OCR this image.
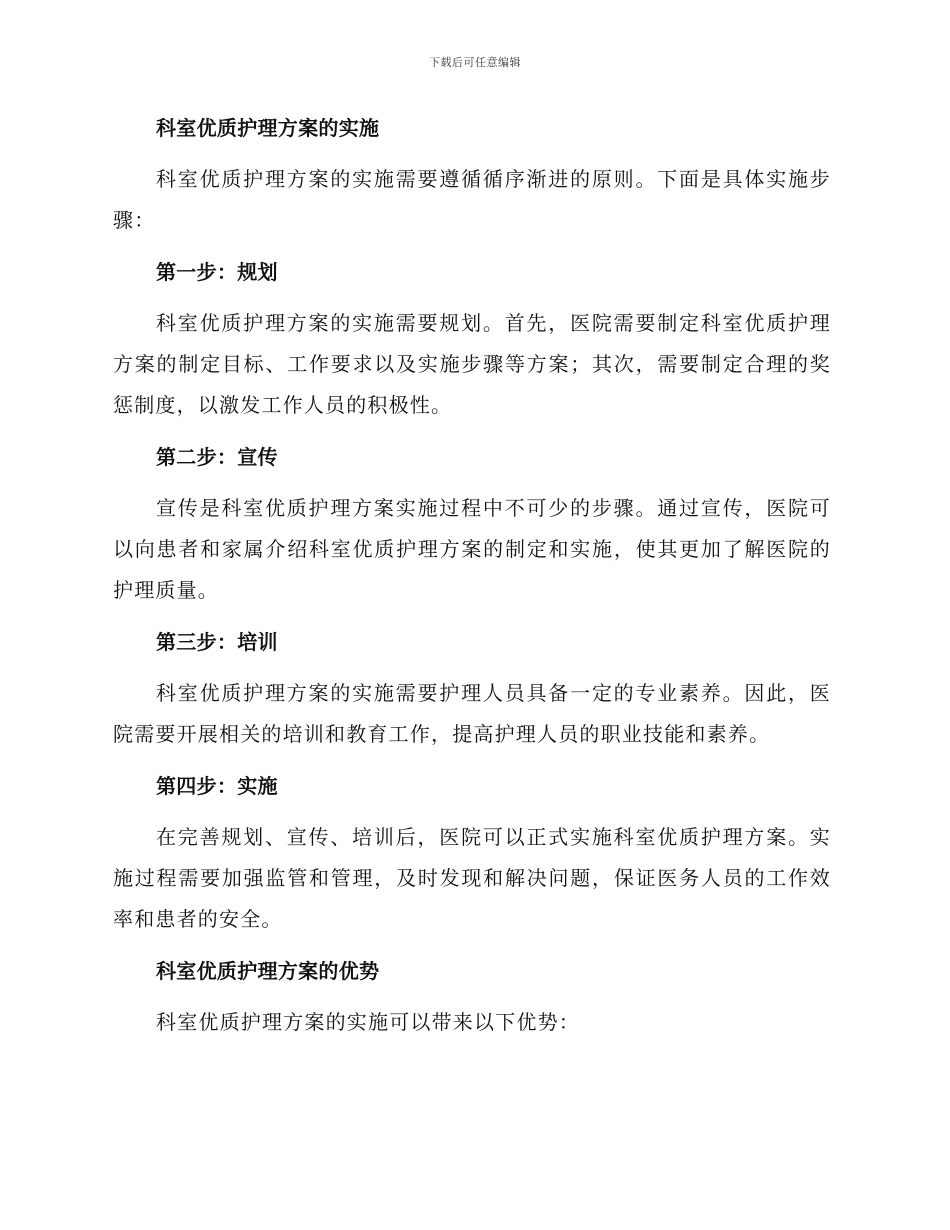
下载后可任意编辑
科室优质护理方案的实施
科室优质护理方案的实施需要遵循循序渐进的原则。下面是具体实施步骤：
第一步：规划
科室优质护理方案的实施需要规划。首先，医院需要制定科室优质护理方案的制定目标、工作要求以及实施步骤等方案；其次，需要制定合理的奖惩制度，以激发工作人员的积极性。
第二步：宣传
宣传是科室优质护理方案实施过程中不可少的步骤。通过宣传，医院可以向患者和家属介绍科室优质护理方案的制定和实施，使其更加了解医院的护理质量。
第三步：培训
科室优质护理方案的实施需要护理人员具备一定的专业素养。因此，医院需要开展相关的培训和教育工作，提高护理人员的职业技能和素养。
第四步：实施
在完善规划、宣传、培训后，医院可以正式实施科室优质护理方案。实施过程需要加强监管和管理，及时发现和解决问题，保证医务人员的工作效率和患者的安全。
科室优质护理方案的优势
科室优质护理方案的实施可以带来以下优势：
